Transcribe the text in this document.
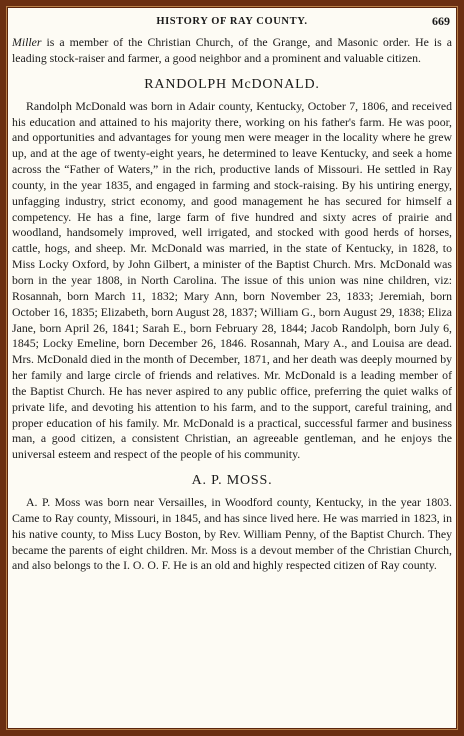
HISTORY OF RAY COUNTY.	669

Miller is a member of the Christian Church, of the Grange, and Masonic order. He is a leading stock-raiser and farmer, a good neighbor and a prominent and valuable citizen.

RANDOLPH McDONALD.

Randolph McDonald was born in Adair county, Kentucky, October 7, 1806, and received his education and attained to his majority there, working on his father's farm. He was poor, and opportunities and advantages for young men were meager in the locality where he grew up, and at the age of twenty-eight years, he determined to leave Kentucky, and seek a home across the “Father of Waters,” in the rich, productive lands of Missouri. He settled in Ray county, in the year 1835, and engaged in farming and stock-raising. By his untiring energy, unfagging industry, strict economy, and good management he has secured for himself a competency. He has a fine, large farm of five hundred and sixty acres of prairie and woodland, handsomely improved, well irrigated, and stocked with good herds of horses, cattle, hogs, and sheep. Mr. McDonald was married, in the state of Kentucky, in 1828, to Miss Locky Oxford, by John Gilbert, a minister of the Baptist Church. Mrs. McDonald was born in the year 1808, in North Carolina. The issue of this union was nine children, viz: Rosannah, born March 11, 1832; Mary Ann, born November 23, 1833; Jeremiah, born October 16, 1835; Elizabeth, born August 28, 1837; William G., born August 29, 1838; Eliza Jane, born April 26, 1841; Sarah E., born February 28, 1844; Jacob Randolph, born July 6, 1845; Locky Emeline, born December 26, 1846. Rosannah, Mary A., and Louisa are dead. Mrs. McDonald died in the month of December, 1871, and her death was deeply mourned by her family and large circle of friends and relatives. Mr. McDonald is a leading member of the Baptist Church. He has never aspired to any public office, preferring the quiet walks of private life, and devoting his attention to his farm, and to the support, careful training, and proper education of his family. Mr. McDonald is a practical, successful farmer and business man, a good citizen, a consistent Christian, an agreeable gentleman, and he enjoys the universal esteem and respect of the people of his community.

A. P. MOSS.

A. P. Moss was born near Versailles, in Woodford county, Kentucky, in the year 1803. Came to Ray county, Missouri, in 1845, and has since lived here. He was married in 1823, in his native county, to Miss Lucy Boston, by Rev. William Penny, of the Baptist Church. They became the parents of eight children. Mr. Moss is a devout member of the Christian Church, and also belongs to the I. O. O. F. He is an old and highly respected citizen of Ray county.
